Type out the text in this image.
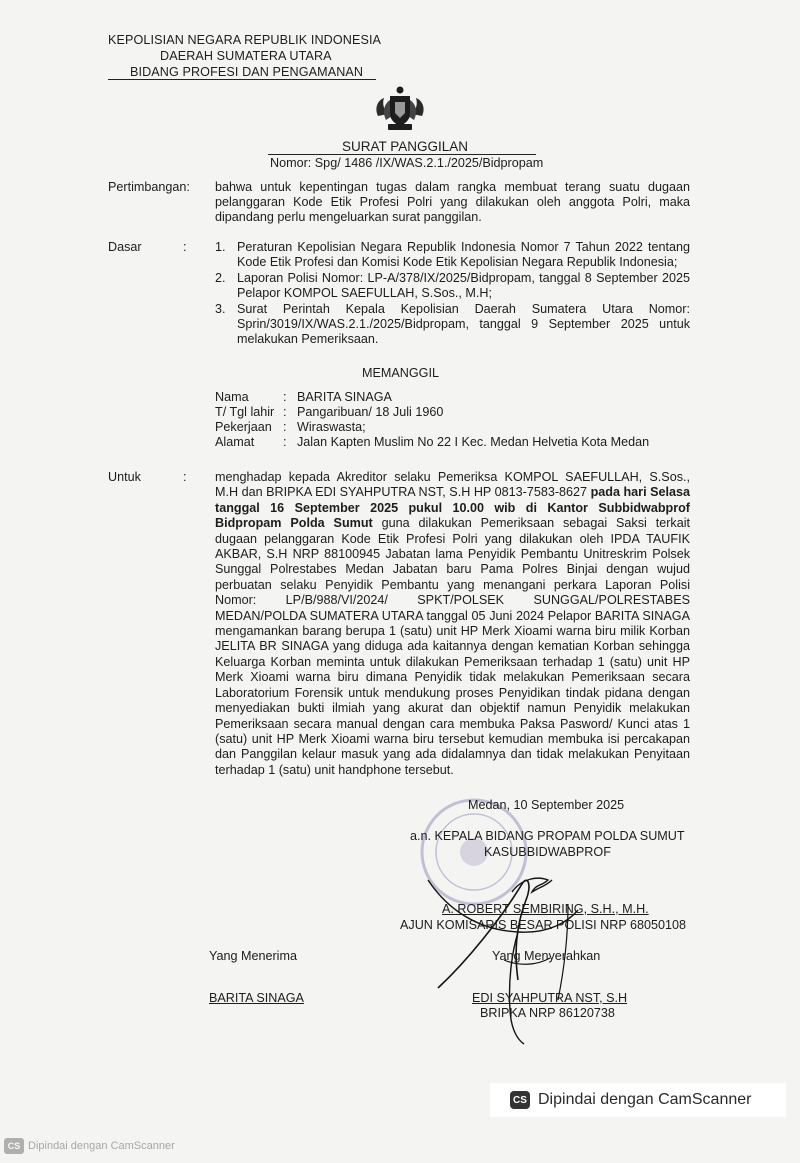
KEPOLISIAN NEGARA REPUBLIK INDONESIA
DAERAH SUMATERA UTARA
BIDANG PROFESI DAN PENGAMANAN
SURAT PANGGILAN
Nomor: Spg/ 1486 /IX/WAS.2.1./2025/Bidpropam
Pertimbangan: bahwa untuk kepentingan tugas dalam rangka membuat terang suatu dugaan pelanggaran Kode Etik Profesi Polri yang dilakukan oleh anggota Polri, maka dipandang perlu mengeluarkan surat panggilan.
Dasar	: 1. Peraturan Kepolisian Negara Republik Indonesia Nomor 7 Tahun 2022 tentang Kode Etik Profesi dan Komisi Kode Etik Kepolisian Negara Republik Indonesia;
2. Laporan Polisi Nomor: LP-A/378/IX/2025/Bidpropam, tanggal 8 September 2025 Pelapor KOMPOL SAEFULLAH, S.Sos., M.H;
3. Surat Perintah Kepala Kepolisian Daerah Sumatera Utara Nomor: Sprin/3019/IX/WAS.2.1./2025/Bidpropam, tanggal 9 September 2025 untuk melakukan Pemeriksaan.
MEMANGGIL
Nama	: BARITA SINAGA
T/ Tgl lahir : Pangaribuan/ 18 Juli 1960
Pekerjaan : Wiraswasta;
Alamat	: Jalan Kapten Muslim No 22 I Kec. Medan Helvetia Kota Medan
Untuk	: menghadap kepada Akreditor selaku Pemeriksa KOMPOL SAEFULLAH, S.Sos., M.H dan BRIPKA EDI SYAHPUTRA NST, S.H HP 0813-7583-8627 pada hari Selasa tanggal 16 September 2025 pukul 10.00 wib di Kantor Subbidwabprof Bidpropam Polda Sumut guna dilakukan Pemeriksaan sebagai Saksi terkait dugaan pelanggaran Kode Etik Profesi Polri yang dilakukan oleh IPDA TAUFIK AKBAR, S.H NRP 88100945 Jabatan lama Penyidik Pembantu Unitreskrim Polsek Sunggal Polrestabes Medan Jabatan baru Pama Polres Binjai dengan wujud perbuatan selaku Penyidik Pembantu yang menangani perkara Laporan Polisi Nomor: LP/B/988/VI/2024/ SPKT/POLSEK SUNGGAL/POLRESTABES MEDAN/POLDA SUMATERA UTARA tanggal 05 Juni 2024 Pelapor BARITA SINAGA mengamankan barang berupa 1 (satu) unit HP Merk Xioami warna biru milik Korban JELITA BR SINAGA yang diduga ada kaitannya dengan kematian Korban sehingga Keluarga Korban meminta untuk dilakukan Pemeriksaan terhadap 1 (satu) unit HP Merk Xioami warna biru dimana Penyidik tidak melakukan Pemeriksaan secara Laboratorium Forensik untuk mendukung proses Penyidikan tindak pidana dengan menyediakan bukti ilmiah yang akurat dan objektif namun Penyidik melakukan Pemeriksaan secara manual dengan cara membuka Paksa Pasword/ Kunci atas 1 (satu) unit HP Merk Xioami warna biru tersebut kemudian membuka isi percakapan dan Panggilan kelaur masuk yang ada didalamnya dan tidak melakukan Penyitaan terhadap 1 (satu) unit handphone tersebut.
Medan, 10 September 2025
a.n. KEPALA BIDANG PROPAM POLDA SUMUT
KASUBBIDWABPROF
A. ROBERT SEMBIRING, S.H., M.H.
AJUN KOMISARIS BESAR POLISI NRP 68050108
Yang Menerima
BARITA SINAGA
Yang Menyerahkan
EDI SYAHPUTRA NST, S.H
BRIPKA NRP 86120738
CS Dipindai dengan CamScanner
CS Dipindai dengan CamScanner
